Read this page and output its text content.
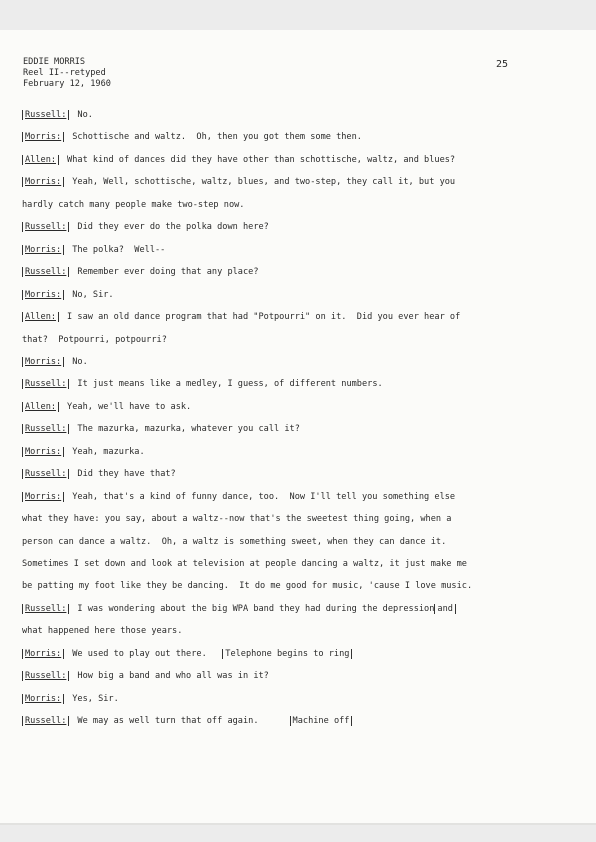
EDDIE MORRIS
Reel II--retyped
February 12, 1960
25
Russell: No.
Morris: Schottische and waltz.  Oh, then you got them some then.
Allen: What kind of dances did they have other than schottische, waltz, and blues?
Morris: Yeah, Well, schottische, waltz, blues, and two-step, they call it, but you
hardly catch many people make two-step now.
Russell: Did they ever do the polka down here?
Morris: The polka?  Well--
Russell: Remember ever doing that any place?
Morris: No, Sir.
Allen: I saw an old dance program that had "Potpourri" on it.  Did you ever hear of
that?  Potpourri, potpourri?
Morris: No.
Russell: It just means like a medley, I guess, of different numbers.
Allen: Yeah, we'll have to ask.
Russell: The mazurka, mazurka, whatever you call it?
Morris: Yeah, mazurka.
Russell: Did they have that?
Morris: Yeah, that's a kind of funny dance, too.  Now I'll tell you something else
what they have: you say, about a waltz--now that's the sweetest thing going, when a
person can dance a waltz.  Oh, a waltz is something sweet, when they can dance it.
Sometimes I set down and look at television at people dancing a waltz, it just make me
be patting my foot like they be dancing.  It do me good for music, 'cause I love music.
Russell: I was wondering about the big WPA band they had during the depression and
what happened here those years.
Morris: We used to play out there.   Telephone begins to ring
Russell: How big a band and who all was in it?
Morris: Yes, Sir.
Russell: We may as well turn that off again.      Machine off
